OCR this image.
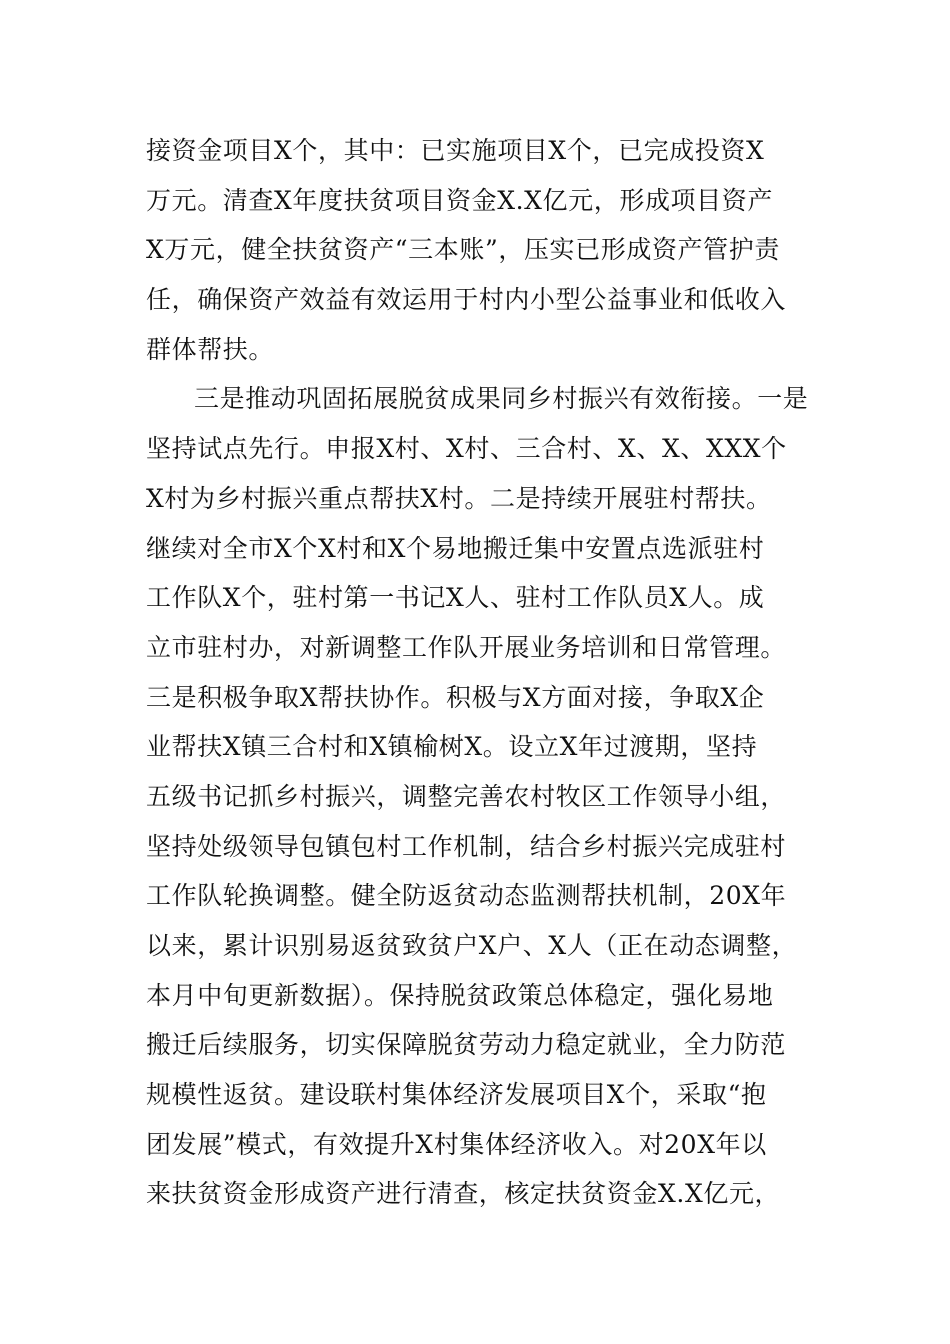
接资金项目X个，其中：已实施项目X个，已完成投资X
万元。清查X年度扶贫项目资金X.X亿元，形成项目资产
X万元，健全扶贫资产“三本账”，压实已形成资产管护责
任，确保资产效益有效运用于村内小型公益事业和低收入
群体帮扶。
三是推动巩固拓展脱贫成果同乡村振兴有效衔接。一是
坚持试点先行。申报X村、X村、三合村、X、X、XXX个
X村为乡村振兴重点帮扶X村。二是持续开展驻村帮扶。
继续对全市X个X村和X个易地搬迁集中安置点选派驻村
工作队X个，驻村第一书记X人、驻村工作队员X人。成
立市驻村办，对新调整工作队开展业务培训和日常管理。
三是积极争取X帮扶协作。积极与X方面对接，争取X企
业帮扶X镇三合村和X镇榆树X。设立X年过渡期，坚持
五级书记抓乡村振兴，调整完善农村牧区工作领导小组，
坚持处级领导包镇包村工作机制，结合乡村振兴完成驻村
工作队轮换调整。健全防返贫动态监测帮扶机制，20X年
以来，累计识别易返贫致贫户X户、X人（正在动态调整，
本月中旬更新数据）。保持脱贫政策总体稳定，强化易地
搬迁后续服务，切实保障脱贫劳动力稳定就业，全力防范
规模性返贫。建设联村集体经济发展项目X个，采取“抱
团发展”模式，有效提升X村集体经济收入。对20X年以
来扶贫资金形成资产进行清查，核定扶贫资金X.X亿元，
